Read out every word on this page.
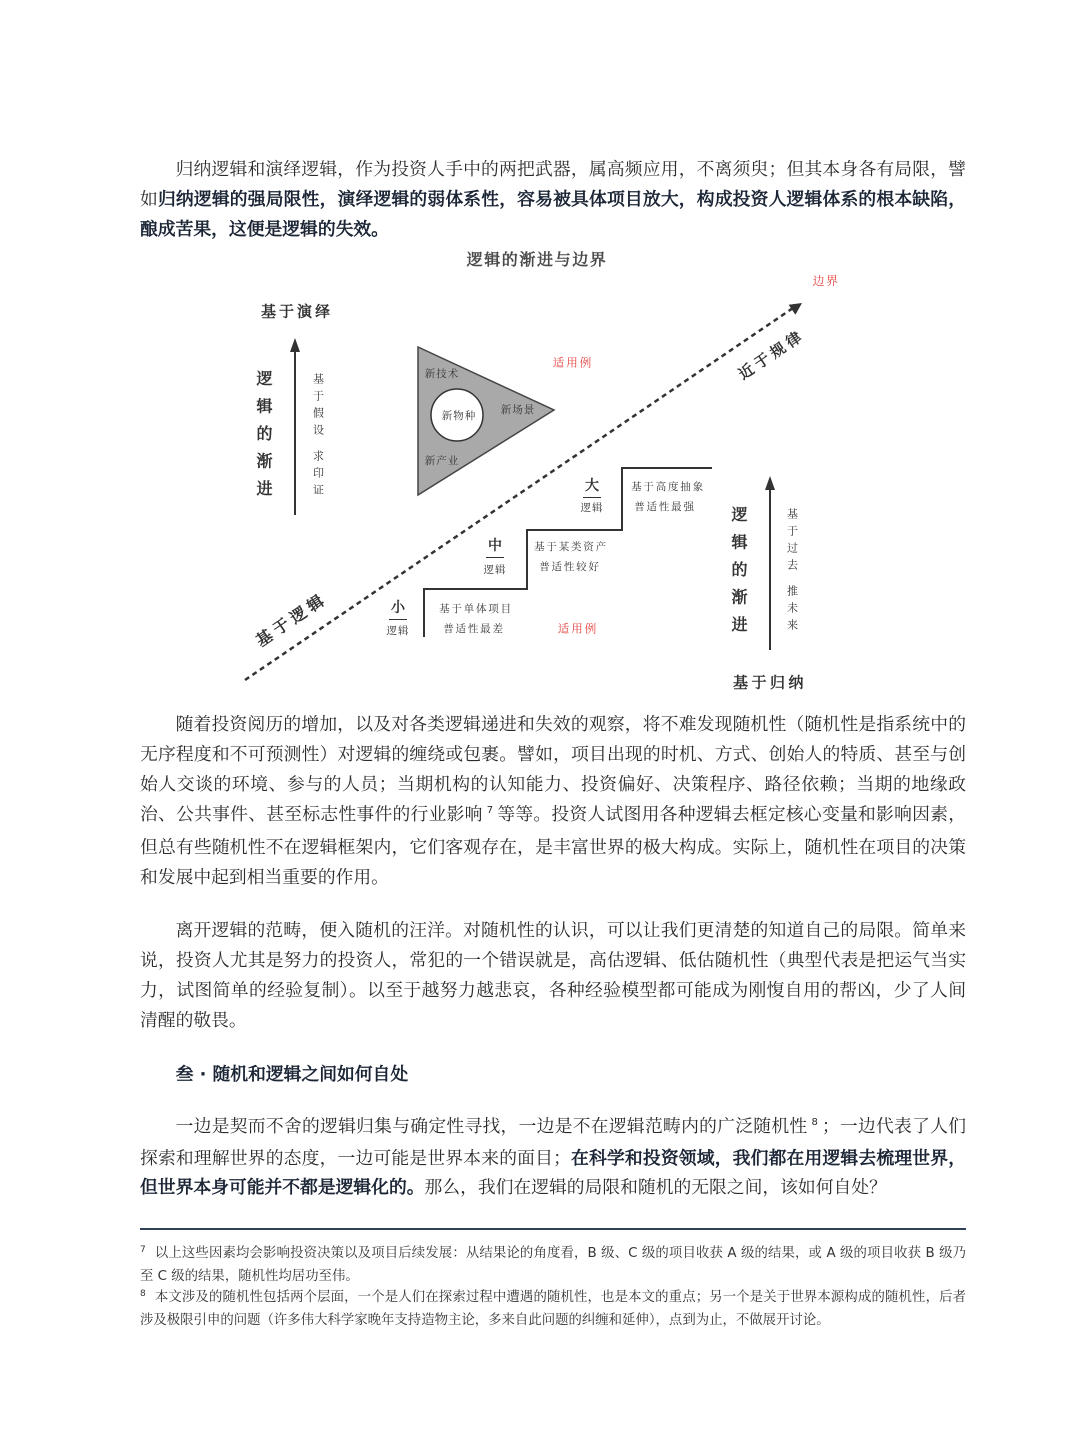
归纳逻辑和演绎逻辑，作为投资人手中的两把武器，属高频应用，不离须臾；但其本身各有局限，譬如归纳逻辑的强局限性，演绎逻辑的弱体系性，容易被具体项目放大，构成投资人逻辑体系的根本缺陷，酿成苦果，这便是逻辑的失效。

逻辑的渐进与边界
边界
近于规律
基于逻辑
基于演绎
逻辑的渐进	基于假设
求印证
新技术
新物种 新场景
新产业
适用例
小
逻辑
基于单体项目
普适性最差
中
逻辑
基于某类资产
普适性较好
大
逻辑
基于高度抽象
普适性最强
适用例	逻辑的渐进	基于过去
推未来
基于归纳

随着投资阅历的增加，以及对各类逻辑递进和失效的观察，将不难发现随机性（随机性是指系统中的无序程度和不可预测性）对逻辑的缠绕或包裹。譬如，项目出现的时机、方式、创始人的特质、甚至与创始人交谈的环境、参与的人员；当期机构的认知能力、投资偏好、决策程序、路径依赖；当期的地缘政治、公共事件、甚至标志性事件的行业影响 $^7$ 等等。投资人试图用各种逻辑去框定核心变量和影响因素，但总有些随机性不在逻辑框架内，它们客观存在，是丰富世界的极大构成。实际上，随机性在项目的决策和发展中起到相当重要的作用。

离开逻辑的范畴，便入随机的汪洋。对随机性的认识，可以让我们更清楚的知道自己的局限。简单来说，投资人尤其是努力的投资人，常犯的一个错误就是，高估逻辑、低估随机性（典型代表是把运气当实力，试图简单的经验复制）。以至于越努力越悲哀，各种经验模型都可能成为刚愎自用的帮凶，少了人间清醒的敬畏。

叁 · 随机和逻辑之间如何自处

一边是契而不舍的逻辑归集与确定性寻找，一边是不在逻辑范畴内的广泛随机性 $^8$ ；一边代表了人们探索和理解世界的态度，一边可能是世界本来的面目；在科学和投资领域，我们都在用逻辑去梳理世界，但世界本身可能并不都是逻辑化的。那么，我们在逻辑的局限和随机的无限之间，该如何自处？

$^7$ 以上这些因素均会影响投资决策以及项目后续发展：从结果论的角度看，B 级、C 级的项目收获 A 级的结果，或 A 级的项目收获 B 级乃至 C 级的结果，随机性均居功至伟。

$^8$ 本文涉及的随机性包括两个层面，一个是人们在探索过程中遭遇的随机性，也是本文的重点；另一个是关于世界本源构成的随机性，后者涉及极限引申的问题（许多伟大科学家晚年支持造物主论，多来自此问题的纠缠和延伸），点到为止，不做展开讨论。
